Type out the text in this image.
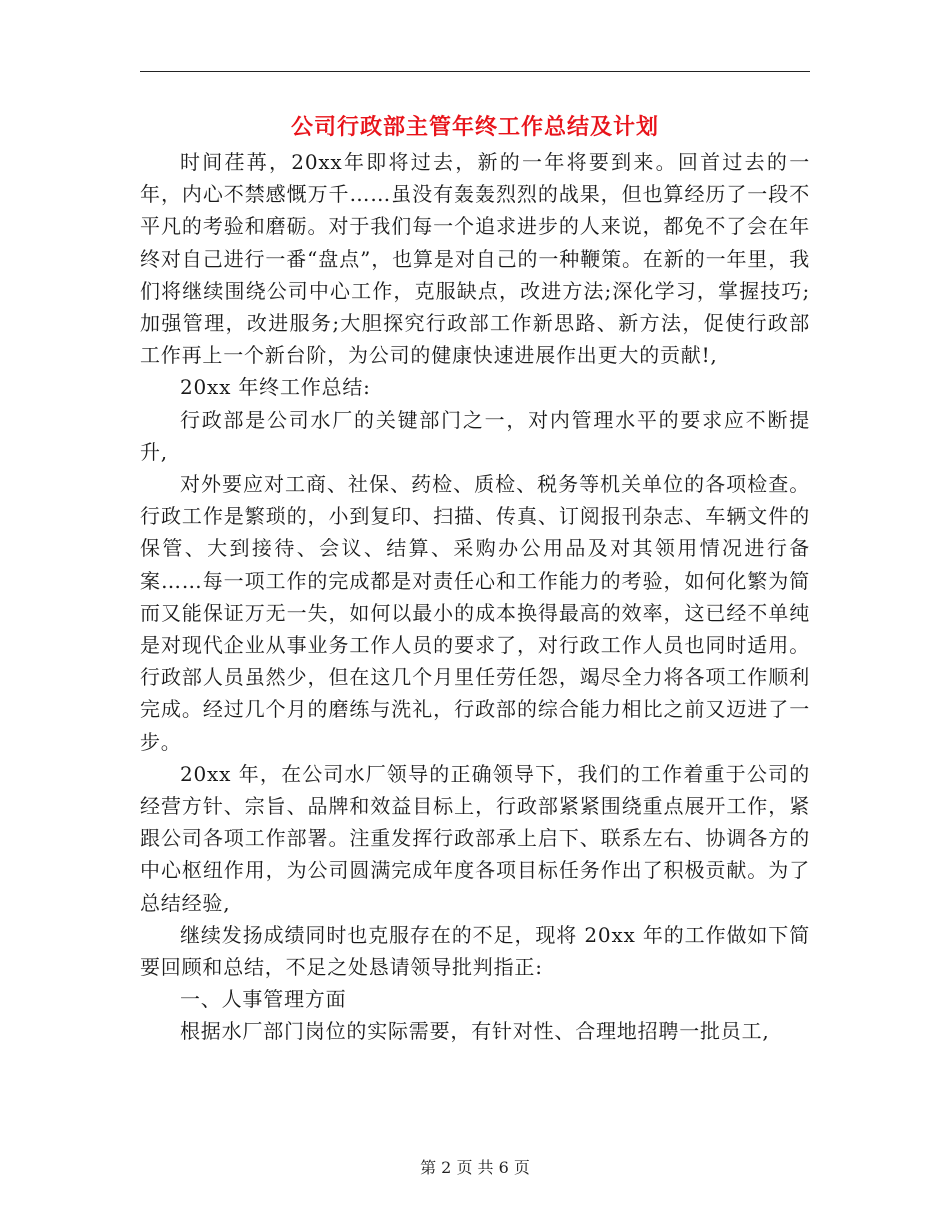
公司行政部主管年终工作总结及计划

时间荏苒，20xx年即将过去，新的一年将要到来。回首过去的一年，内心不禁感慨万千……虽没有轰轰烈烈的战果，但也算经历了一段不平凡的考验和磨砺。对于我们每一个追求进步的人来说，都免不了会在年终对自己进行一番“盘点”，也算是对自己的一种鞭策。在新的一年里，我们将继续围绕公司中心工作，克服缺点，改进方法;深化学习，掌握技巧;加强管理，改进服务;大胆探究行政部工作新思路、新方法，促使行政部工作再上一个新台阶，为公司的健康快速进展作出更大的贡献!,

20xx 年终工作总结:

行政部是公司水厂的关键部门之一，对内管理水平的要求应不断提升,

对外要应对工商、社保、药检、质检、税务等机关单位的各项检查。行政工作是繁琐的，小到复印、扫描、传真、订阅报刊杂志、车辆文件的保管、大到接待、会议、结算、采购办公用品及对其领用情况进行备案……每一项工作的完成都是对责任心和工作能力的考验，如何化繁为简而又能保证万无一失，如何以最小的成本换得最高的效率，这已经不单纯是对现代企业从事业务工作人员的要求了，对行政工作人员也同时适用。行政部人员虽然少，但在这几个月里任劳任怨，竭尽全力将各项工作顺利完成。经过几个月的磨练与洗礼，行政部的综合能力相比之前又迈进了一步。

20xx 年，在公司水厂领导的正确领导下，我们的工作着重于公司的经营方针、宗旨、品牌和效益目标上，行政部紧紧围绕重点展开工作，紧跟公司各项工作部署。注重发挥行政部承上启下、联系左右、协调各方的中心枢纽作用，为公司圆满完成年度各项目标任务作出了积极贡献。为了总结经验,

继续发扬成绩同时也克服存在的不足，现将 20xx 年的工作做如下简要回顾和总结，不足之处恳请领导批判指正:

一、人事管理方面

根据水厂部门岗位的实际需要，有针对性、合理地招聘一批员工,

第 2 页 共 6 页
